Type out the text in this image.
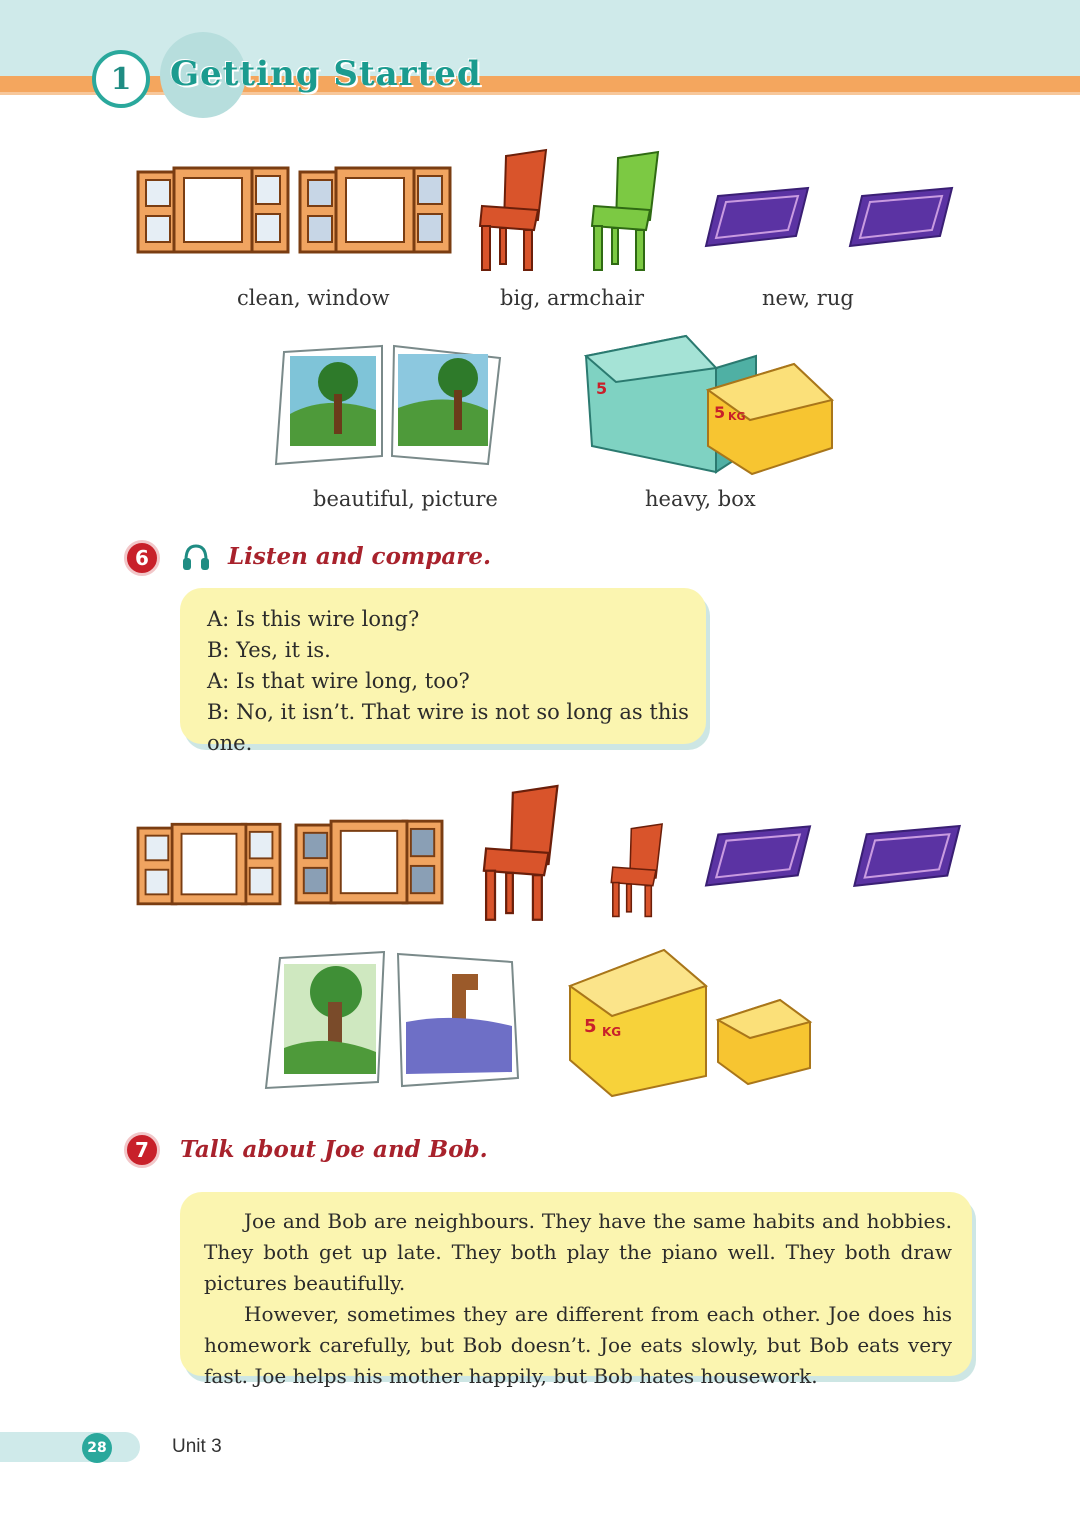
1	Getting Started
clean, window	big, armchair	new, rug
5
5 KG
beautiful, picture	heavy, box
6	Listen and compare.
A: Is this wire long?
B: Yes, it is.
A: Is that wire long, too?
B: No, it isn’t. That wire is not so long as this one.
5 KG
7	Talk about Joe and Bob.
Joe and Bob are neighbours. They have the same habits and hobbies. They both get up late. They both play the piano well. They both draw pictures beautifully.
However, sometimes they are different from each other. Joe does his homework carefully, but Bob doesn’t. Joe eats slowly, but Bob eats very fast. Joe helps his mother happily, but Bob hates housework.
28	Unit 3
